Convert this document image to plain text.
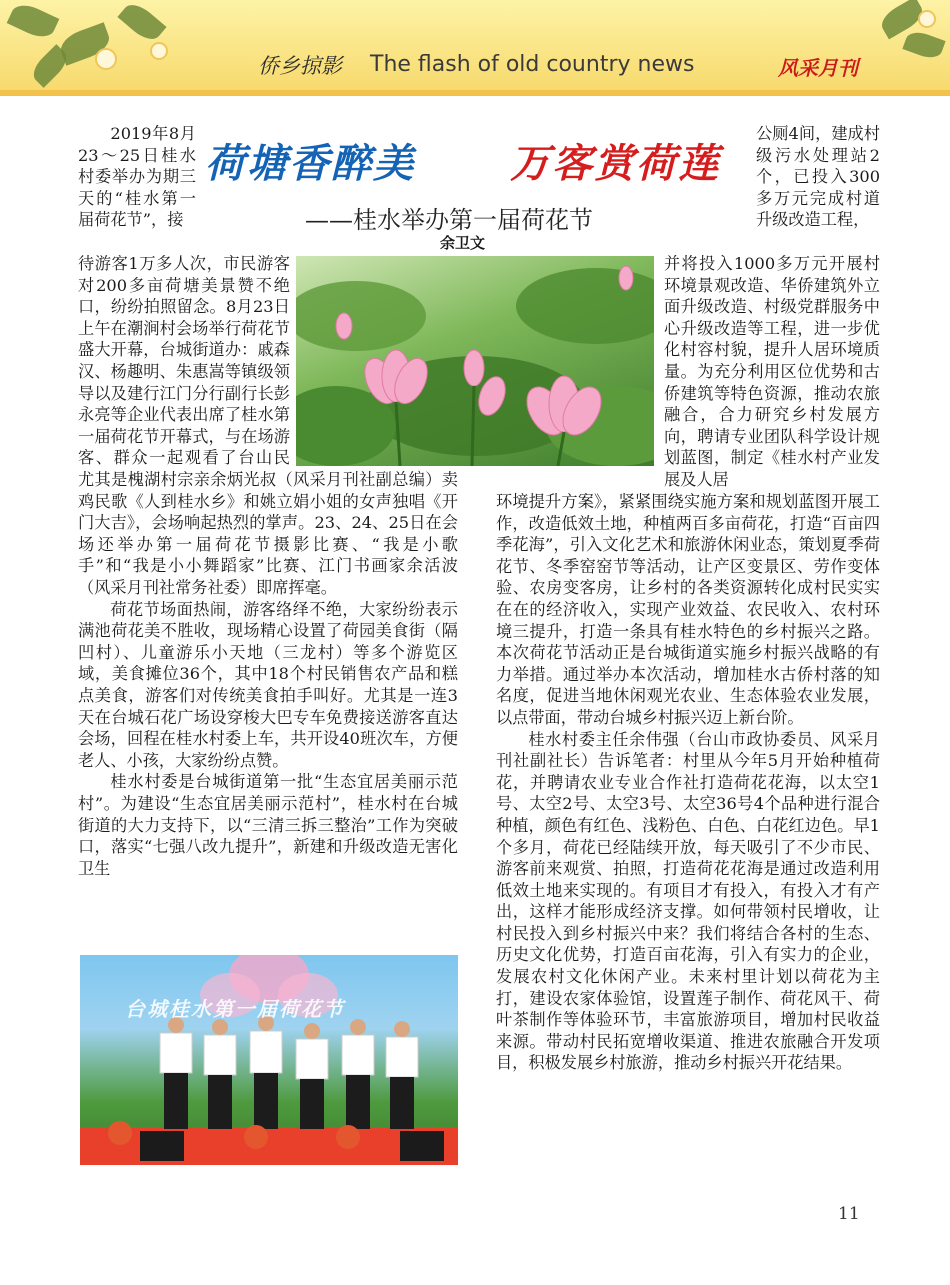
侨乡掠影 The flash of old country news	风采月刊
荷塘香醉美 万客赏荷莲
——桂水举办第一届荷花节
余卫文

2019年8月 23～25日桂水村委举办为期三天的“桂水第一届荷花节”，接

待游客1万多人次，市民游客对200多亩荷塘美景赞不绝口，纷纷拍照留念。8月23日上午在潮涧村会场举行荷花节盛大开幕，台城街道办：戚森汉、杨趣明、朱惠嵩等镇级领导以及建行江门分行副行长彭永亮等企业代表出席了桂水第一届荷花节开幕式，与在场游客、群众一起观看了台山民

尤其是槐湖村宗亲余炳光叔（风采月刊社副总编）卖鸡民歌《人到桂水乡》和姚立娟小姐的女声独唱《开门大吉》，会场响起热烈的掌声。23、24、25日在会场还举办第一届荷花节摄影比赛、“我是小歌手”和“我是小小舞蹈家”比赛、江门书画家余活波（风采月刊社常务社委）即席挥毫。

荷花节场面热闹，游客络绎不绝，大家纷纷表示满池荷花美不胜收，现场精心设置了荷园美食街（隔凹村）、儿童游乐小天地（三龙村）等多个游览区域，美食摊位36个，其中18个村民销售农产品和糕点美食，游客们对传统美食拍手叫好。尤其是一连3天在台城石花广场设穿梭大巴专车免费接送游客直达会场，回程在桂水村委上车，共开设40班次车，方便老人、小孩，大家纷纷点赞。

桂水村委是台城街道第一批“生态宜居美丽示范村”。为建设“生态宜居美丽示范村”，桂水村在台城街道的大力支持下，以“三清三拆三整治”工作为突破口，落实“七强八改九提升”，新建和升级改造无害化卫生

公厕4间，建成村级污水处理站2个，已投入300多万元完成村道升级改造工程，
并将投入1000多万元开展村环境景观改造、华侨建筑外立面升级改造、村级党群服务中心升级改造等工程，进一步优化村容村貌，提升人居环境质量。为充分利用区位优势和古侨建筑等特色资源，推动农旅融合，合力研究乡村发展方向，聘请专业团队科学设计规划蓝图，制定《桂水村产业发展及人居
环境提升方案》，紧紧围绕实施方案和规划蓝图开展工作，改造低效土地，种植两百多亩荷花，打造“百亩四季花海”，引入文化艺术和旅游休闲业态，策划夏季荷花节、冬季窑窑节等活动，让产区变景区、劳作变体验、农房变客房，让乡村的各类资源转化成村民实实在在的经济收入，实现产业效益、农民收入、农村环境三提升，打造一条具有桂水特色的乡村振兴之路。本次荷花节活动正是台城街道实施乡村振兴战略的有力举措。通过举办本次活动，增加桂水古侨村落的知名度，促进当地休闲观光农业、生态体验农业发展，以点带面，带动台城乡村振兴迈上新台阶。

桂水村委主任余伟强（台山市政协委员、风采月刊社副社长）告诉笔者：村里从今年5月开始种植荷花，并聘请农业专业合作社打造荷花花海，以太空1号、太空2号、太空3号、太空36号4个品种进行混合种植，颜色有红色、浅粉色、白色、白花红边色。早1个多月，荷花已经陆续开放，每天吸引了不少市民、游客前来观赏、拍照，打造荷花花海是通过改造利用低效土地来实现的。有项目才有投入，有投入才有产出，这样才能形成经济支撑。如何带领村民增收，让村民投入到乡村振兴中来？我们将结合各村的生态、历史文化优势，打造百亩花海，引入有实力的企业，发展农村文化休闲产业。未来村里计划以荷花为主打，建设农家体验馆，设置莲子制作、荷花风干、荷叶茶制作等体验环节，丰富旅游项目，增加村民收益来源。带动村民拓宽增收渠道、推进农旅融合开发项目，积极发展乡村旅游，推动乡村振兴开花结果。

台城桂水第一届荷花节
11
